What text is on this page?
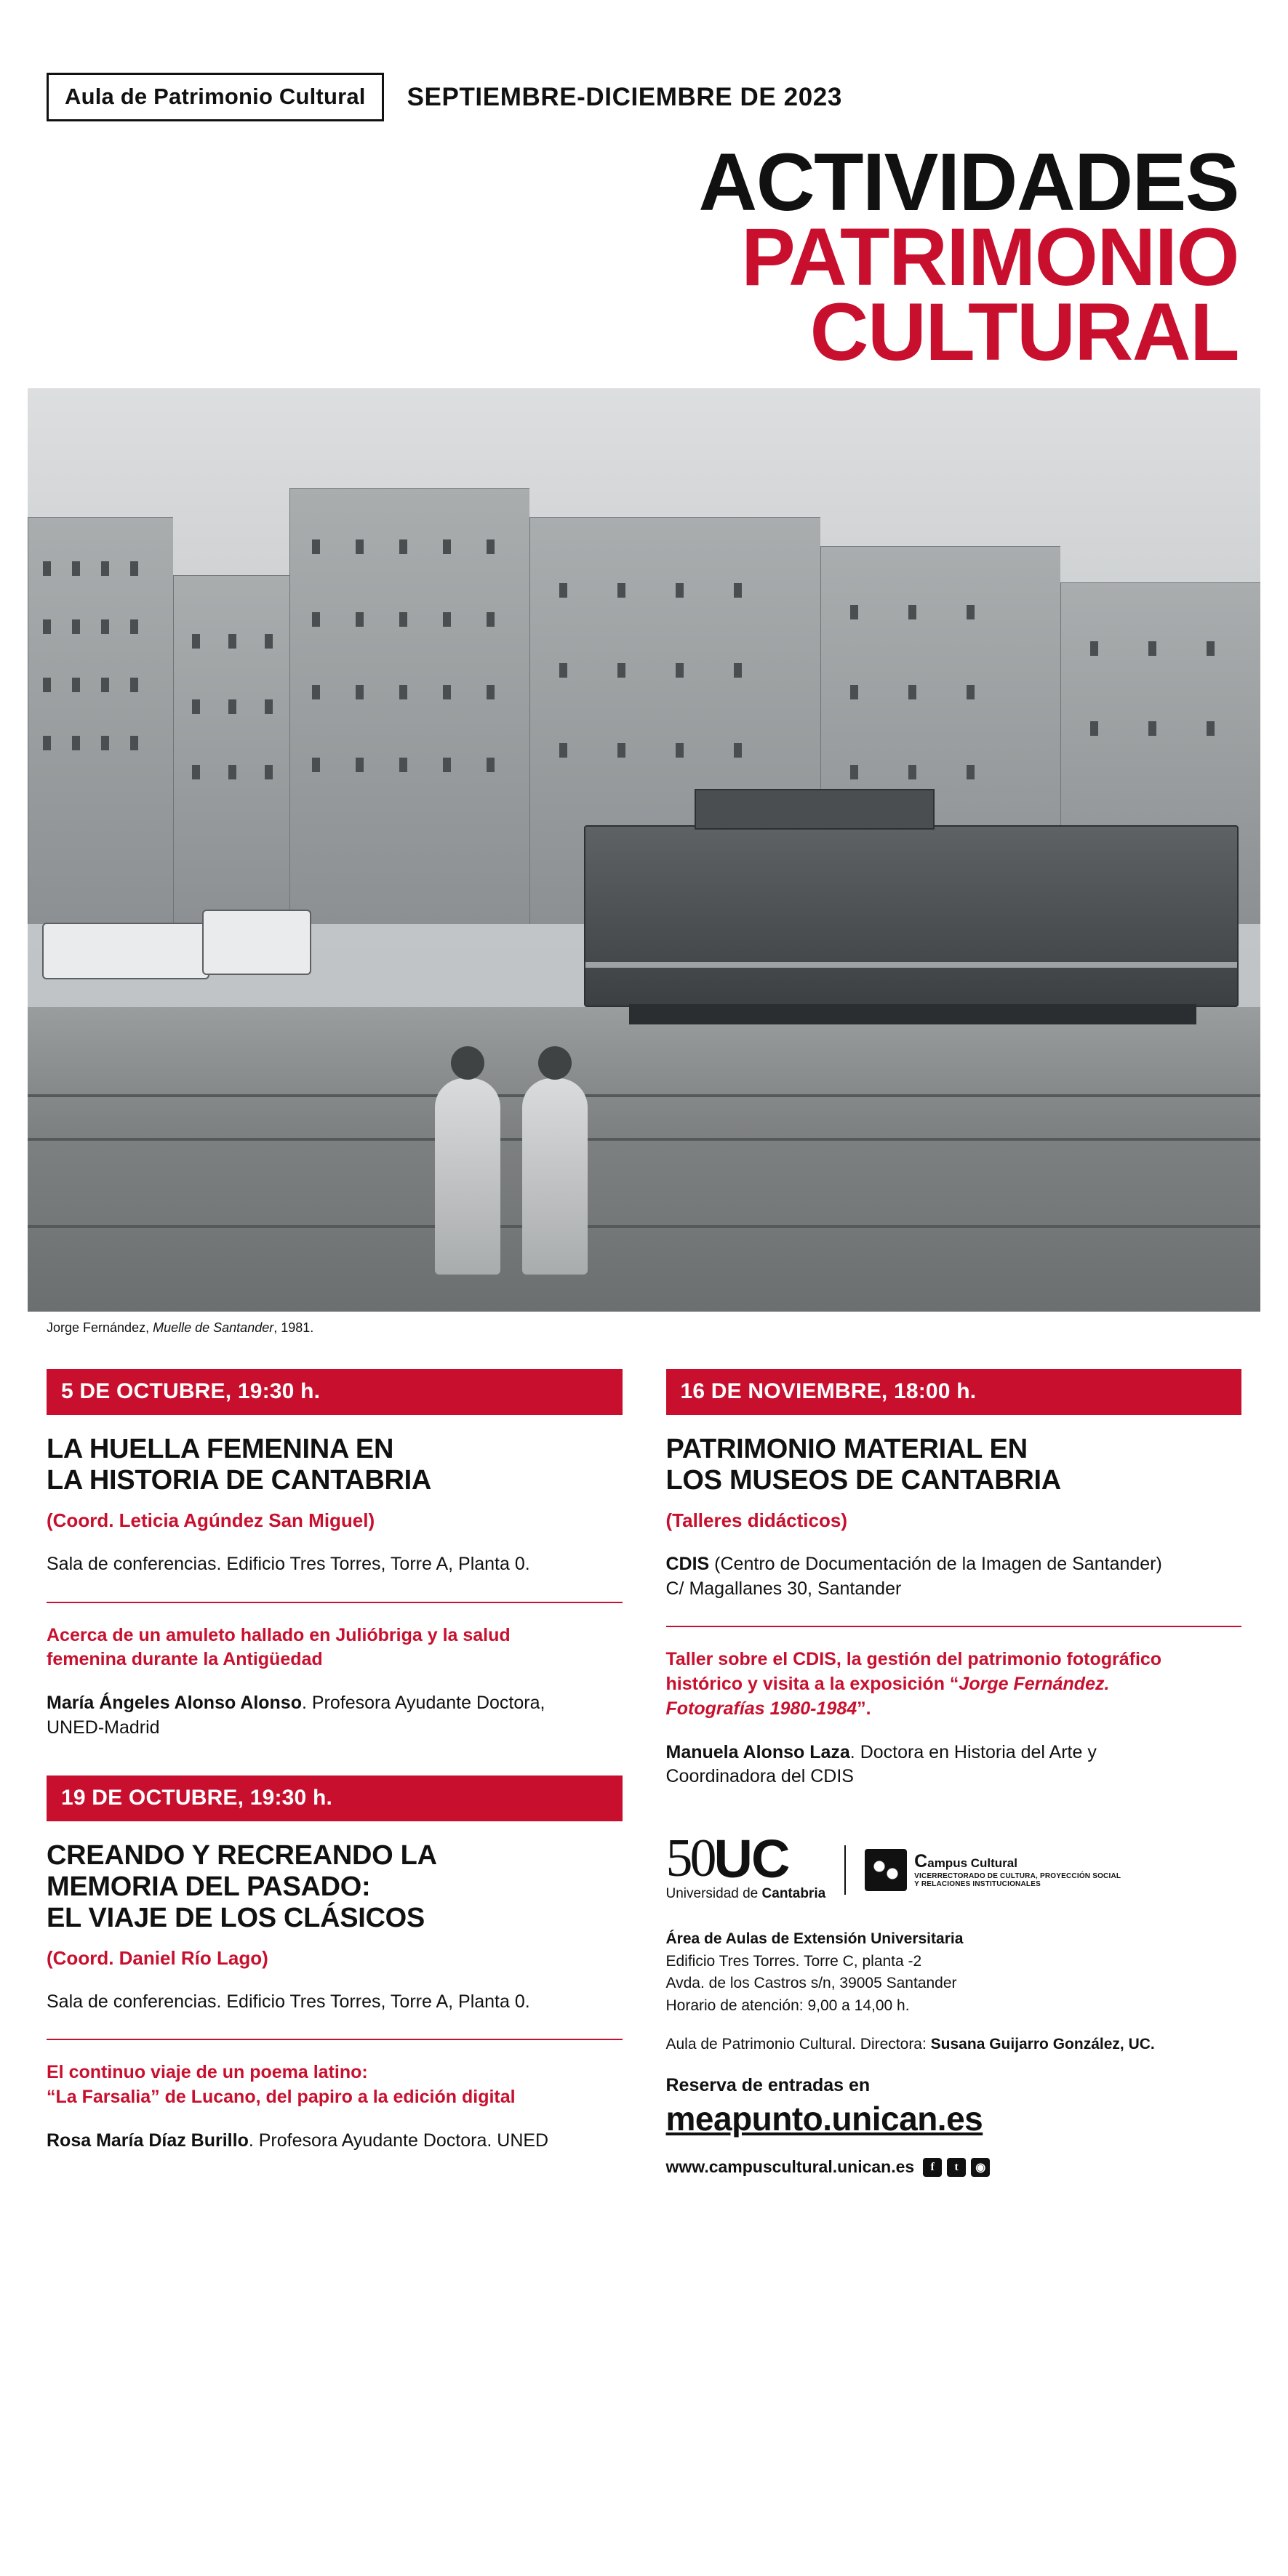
Aula de Patrimonio Cultural	SEPTIEMBRE-DICIEMBRE DE 2023
ACTIVIDADES
PATRIMONIO
CULTURAL
Jorge Fernández, Muelle de Santander, 1981.
5 DE OCTUBRE, 19:30 h.
LA HUELLA FEMENINA EN
LA HISTORIA DE CANTABRIA
(Coord. Leticia Agúndez San Miguel)
Sala de conferencias. Edificio Tres Torres, Torre A, Planta 0.
Acerca de un amuleto hallado en Julióbriga y la salud
femenina durante la Antigüedad
María Ángeles Alonso Alonso. Profesora Ayudante Doctora,
UNED-Madrid
19 DE OCTUBRE, 19:30 h.
CREANDO Y RECREANDO LA
MEMORIA DEL PASADO:
EL VIAJE DE LOS CLÁSICOS
(Coord. Daniel Río Lago)
Sala de conferencias. Edificio Tres Torres, Torre A, Planta 0.
El continuo viaje de un poema latino:
“La Farsalia” de Lucano, del papiro a la edición digital
Rosa María Díaz Burillo. Profesora Ayudante Doctora. UNED
16 DE NOVIEMBRE, 18:00 h.
PATRIMONIO MATERIAL EN
LOS MUSEOS DE CANTABRIA
(Talleres didácticos)
CDIS (Centro de Documentación de la Imagen de Santander)
C/ Magallanes 30, Santander
Taller sobre el CDIS, la gestión del patrimonio fotográfico
histórico y visita a la exposición “Jorge Fernández.
Fotografías 1980-1984”.
Manuela Alonso Laza. Doctora en Historia del Arte y
Coordinadora del CDIS
50 UC
Universidad de Cantabria
Campus Cultural
VICERRECTORADO DE CULTURA, PROYECCIÓN SOCIAL
Y RELACIONES INSTITUCIONALES
Área de Aulas de Extensión Universitaria
Edificio Tres Torres. Torre C, planta -2
Avda. de los Castros s/n, 39005 Santander
Horario de atención: 9,00 a 14,00 h.
Aula de Patrimonio Cultural. Directora: Susana Guijarro González, UC.
Reserva de entradas en
meapunto.unican.es
www.campuscultural.unican.es	f	t	◉
